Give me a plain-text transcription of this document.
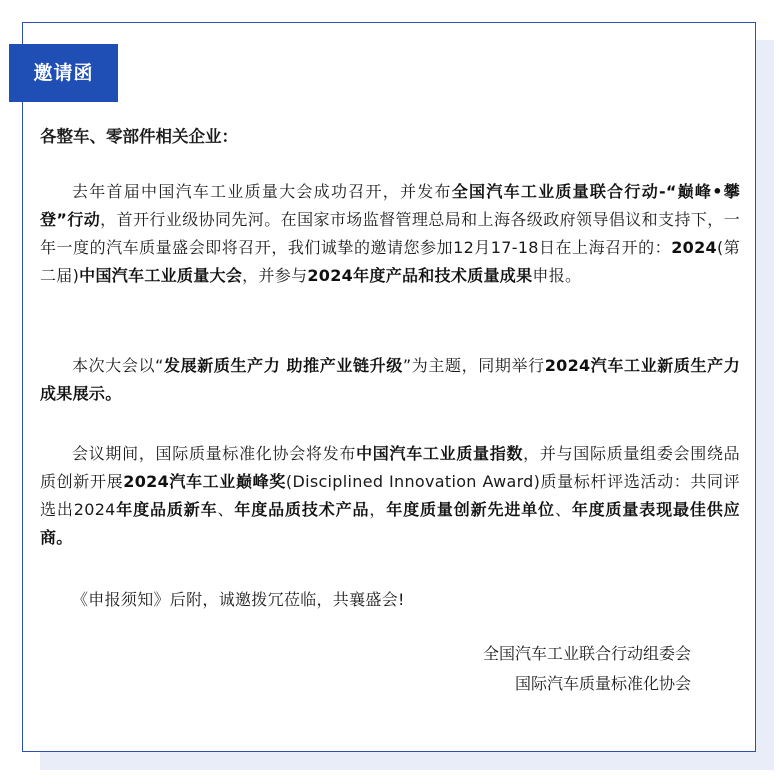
邀请函
各整车、零部件相关企业：
去年首届中国汽车工业质量大会成功召开，并发布全国汽车工业质量联合行动-“巅峰•攀登”行动，首开行业级协同先河。在国家市场监督管理总局和上海各级政府领导倡议和支持下，一年一度的汽车质量盛会即将召开，我们诚挚的邀请您参加12月17-18日在上海召开的：2024(第二届)中国汽车工业质量大会，并参与2024年度产品和技术质量成果申报。
本次大会以“发展新质生产力 助推产业链升级”为主题，同期举行2024汽车工业新质生产力成果展示。
会议期间，国际质量标准化协会将发布中国汽车工业质量指数，并与国际质量组委会围绕品质创新开展2024汽车工业巅峰奖(Disciplined Innovation Award)质量标杆评选活动：共同评选出2024年度品质新车、年度品质技术产品，年度质量创新先进单位、年度质量表现最佳供应商。
《申报须知》后附，诚邀拨冗莅临，共襄盛会!
全国汽车工业联合行动组委会
国际汽车质量标准化协会
